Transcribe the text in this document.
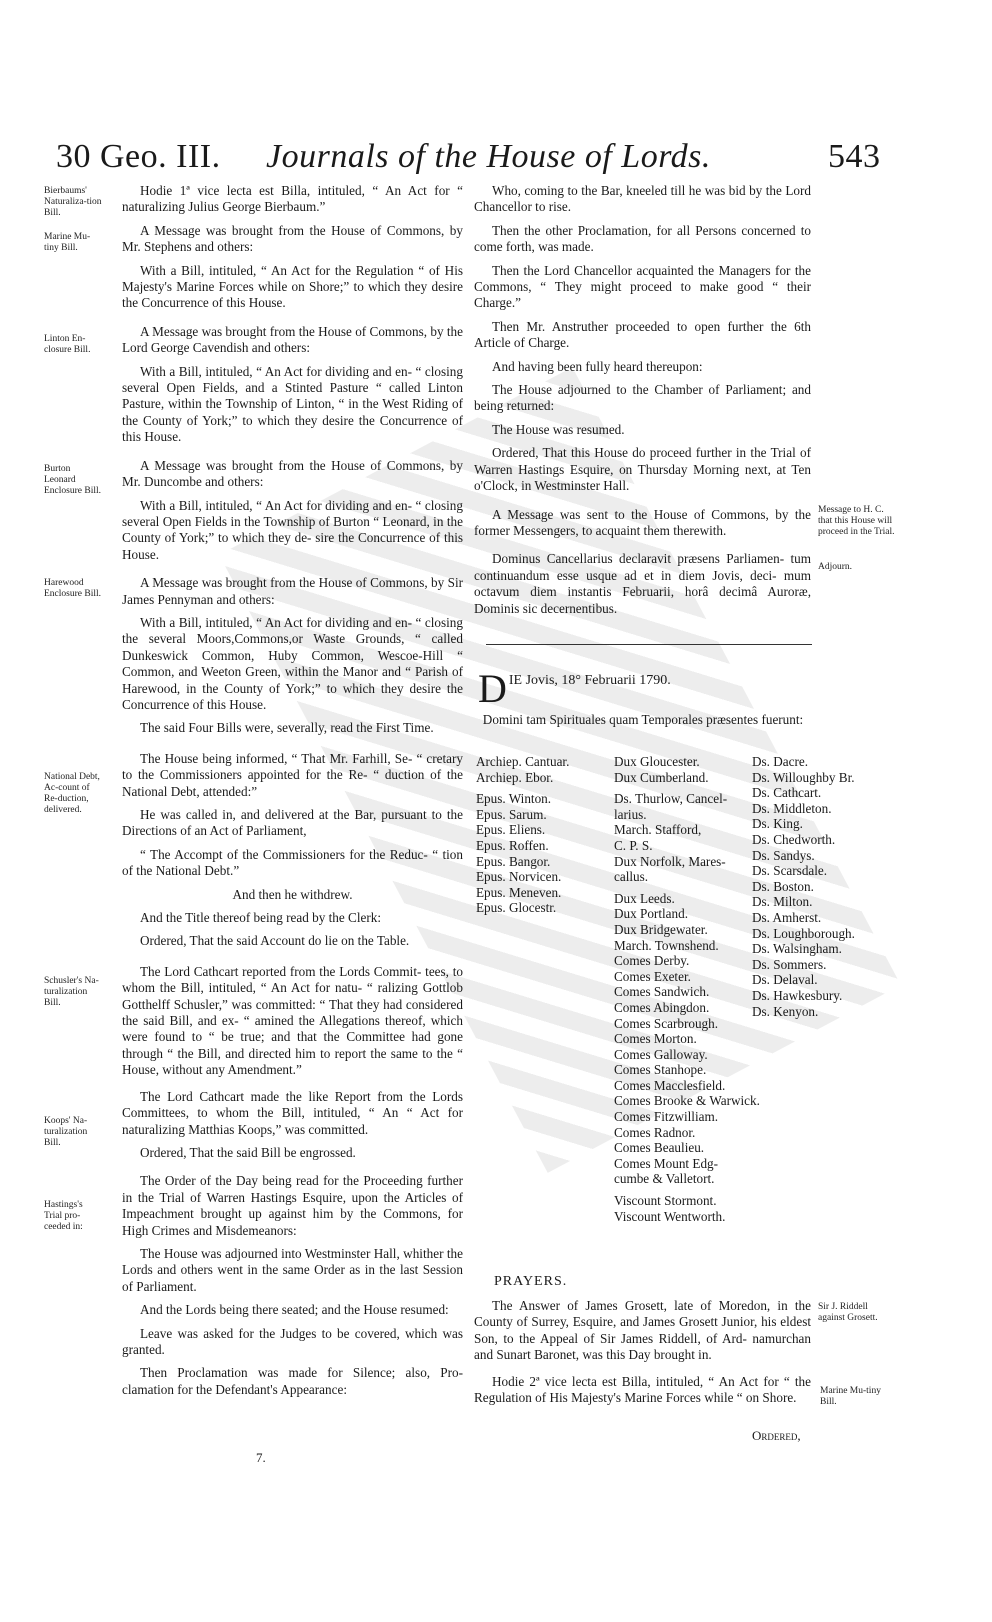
30 Geo. III. Journals of the House of Lords.	543
Bierbaums' Naturaliza-tion Bill.
Marine Mu-tiny Bill.
Linton En-closure Bill.
Burton Leonard Enclosure Bill.
Harewood Enclosure Bill.
National Debt, Ac-count of Re-duction, delivered.
Schusler's Na-turalization Bill.
Koops' Na-turalization Bill.
Hastings's Trial pro-ceeded in:

Hodie 1ª vice lecta est Billa, intituled, “ An Act for “ naturalizing Julius George Bierbaum.”

A Message was brought from the House of Commons, by Mr. Stephens and others:

With a Bill, intituled, “ An Act for the Regulation “ of His Majesty's Marine Forces while on Shore;” to which they desire the Concurrence of this House.

A Message was brought from the House of Commons, by the Lord George Cavendish and others:

With a Bill, intituled, “ An Act for dividing and en- “ closing several Open Fields, and a Stinted Pasture “ called Linton Pasture, within the Township of Linton, “ in the West Riding of the County of York;” to which they desire the Concurrence of this House.

A Message was brought from the House of Commons, by Mr. Duncombe and others:

With a Bill, intituled, “ An Act for dividing and en- “ closing several Open Fields in the Township of Burton “ Leonard, in the County of York;” to which they de- sire the Concurrence of this House.

A Message was brought from the House of Commons, by Sir James Pennyman and others:

With a Bill, intituled, “ An Act for dividing and en- “ closing the several Moors,Commons,or Waste Grounds, “ called Dunkeswick Common, Huby Common, Wescoe-Hill “ Common, and Weeton Green, within the Manor and “ Parish of Harewood, in the County of York;” to which they desire the Concurrence of this House.

The said Four Bills were, severally, read the First Time.

The House being informed, “ That Mr. Farhill, Se- “ cretary to the Commissioners appointed for the Re- “ duction of the National Debt, attended:”

He was called in, and delivered at the Bar, pursuant to the Directions of an Act of Parliament,

“ The Accompt of the Commissioners for the Reduc- “ tion of the National Debt.”

And then he withdrew.

And the Title thereof being read by the Clerk:

Ordered, That the said Account do lie on the Table.

The Lord Cathcart reported from the Lords Commit- tees, to whom the Bill, intituled, “ An Act for natu- “ ralizing Gottlob Gotthelff Schusler,” was committed: “ That they had considered the said Bill, and ex- “ amined the Allegations thereof, which were found to “ be true; and that the Committee had gone through “ the Bill, and directed him to report the same to the “ House, without any Amendment.”

The Lord Cathcart made the like Report from the Lords Committees, to whom the Bill, intituled, “ An “ Act for naturalizing Matthias Koops,” was committed.

Ordered, That the said Bill be engrossed.

The Order of the Day being read for the Proceeding further in the Trial of Warren Hastings Esquire, upon the Articles of Impeachment brought up against him by the Commons, for High Crimes and Misdemeanors:

The House was adjourned into Westminster Hall, whither the Lords and others went in the same Order as in the last Session of Parliament.

And the Lords being there seated; and the House resumed:

Leave was asked for the Judges to be covered, which was granted.

Then Proclamation was made for Silence; also, Pro- clamation for the Defendant's Appearance:

Who, coming to the Bar, kneeled till he was bid by the Lord Chancellor to rise.

Then the other Proclamation, for all Persons concerned to come forth, was made.

Then the Lord Chancellor acquainted the Managers for the Commons, “ They might proceed to make good “ their Charge.”

Then Mr. Anstruther proceeded to open further the 6th Article of Charge.

And having been fully heard thereupon:

The House adjourned to the Chamber of Parliament; and being returned:

The House was resumed.

Ordered, That this House do proceed further in the Trial of Warren Hastings Esquire, on Thursday Morning next, at Ten o'Clock, in Westminster Hall.

A Message was sent to the House of Commons, by the former Messengers, to acquaint them therewith.

Dominus Cancellarius declaravit præsens Parliamen- tum continuandum esse usque ad et in diem Jovis, deci- mum octavum diem instantis Februarii, horâ decimâ Auroræ, Dominis sic decernentibus.

Message to H. C. that this House will proceed in the Trial.
Adjourn.
Sir J. Riddell against Grosett.
Marine Mu-tiny Bill.
D IE Jovis, 18° Februarii 1790.
Domini tam Spirituales quam Temporales præsentes fuerunt:
Archiep. Cantuar.
Archiep. Ebor.

Epus. Winton.
Epus. Sarum.
Epus. Eliens.
Epus. Roffen.
Epus. Bangor.
Epus. Norvicen.
Epus. Meneven.
Epus. Glocestr.
Dux Gloucester.
Dux Cumberland.

Ds. Thurlow, Cancel-
larius.
March. Stafford,
C. P. S.
Dux Norfolk, Mares-
callus.

Dux Leeds.
Dux Portland.
Dux Bridgewater.
March. Townshend.
Comes Derby.
Comes Exeter.
Comes Sandwich.
Comes Abingdon.
Comes Scarbrough.
Comes Morton.
Comes Galloway.
Comes Stanhope.
Comes Macclesfield.
Comes Brooke & Warwick.
Comes Fitzwilliam.
Comes Radnor.
Comes Beaulieu.
Comes Mount Edg-
cumbe & Valletort.

Viscount Stormont.
Viscount Wentworth.
Ds. Dacre.
Ds. Willoughby Br.
Ds. Cathcart.
Ds. Middleton.
Ds. King.
Ds. Chedworth.
Ds. Sandys.
Ds. Scarsdale.
Ds. Boston.
Ds. Milton.
Ds. Amherst.
Ds. Loughborough.
Ds. Walsingham.
Ds. Sommers.
Ds. Delaval.
Ds. Hawkesbury.
Ds. Kenyon.
PRAYERS.

The Answer of James Grosett, late of Moredon, in the County of Surrey, Esquire, and James Grosett Junior, his eldest Son, to the Appeal of Sir James Riddell, of Ard- namurchan and Sunart Baronet, was this Day brought in.

Hodie 2ª vice lecta est Billa, intituled, “ An Act for “ the Regulation of His Majesty's Marine Forces while “ on Shore.

Ordered,
7.
